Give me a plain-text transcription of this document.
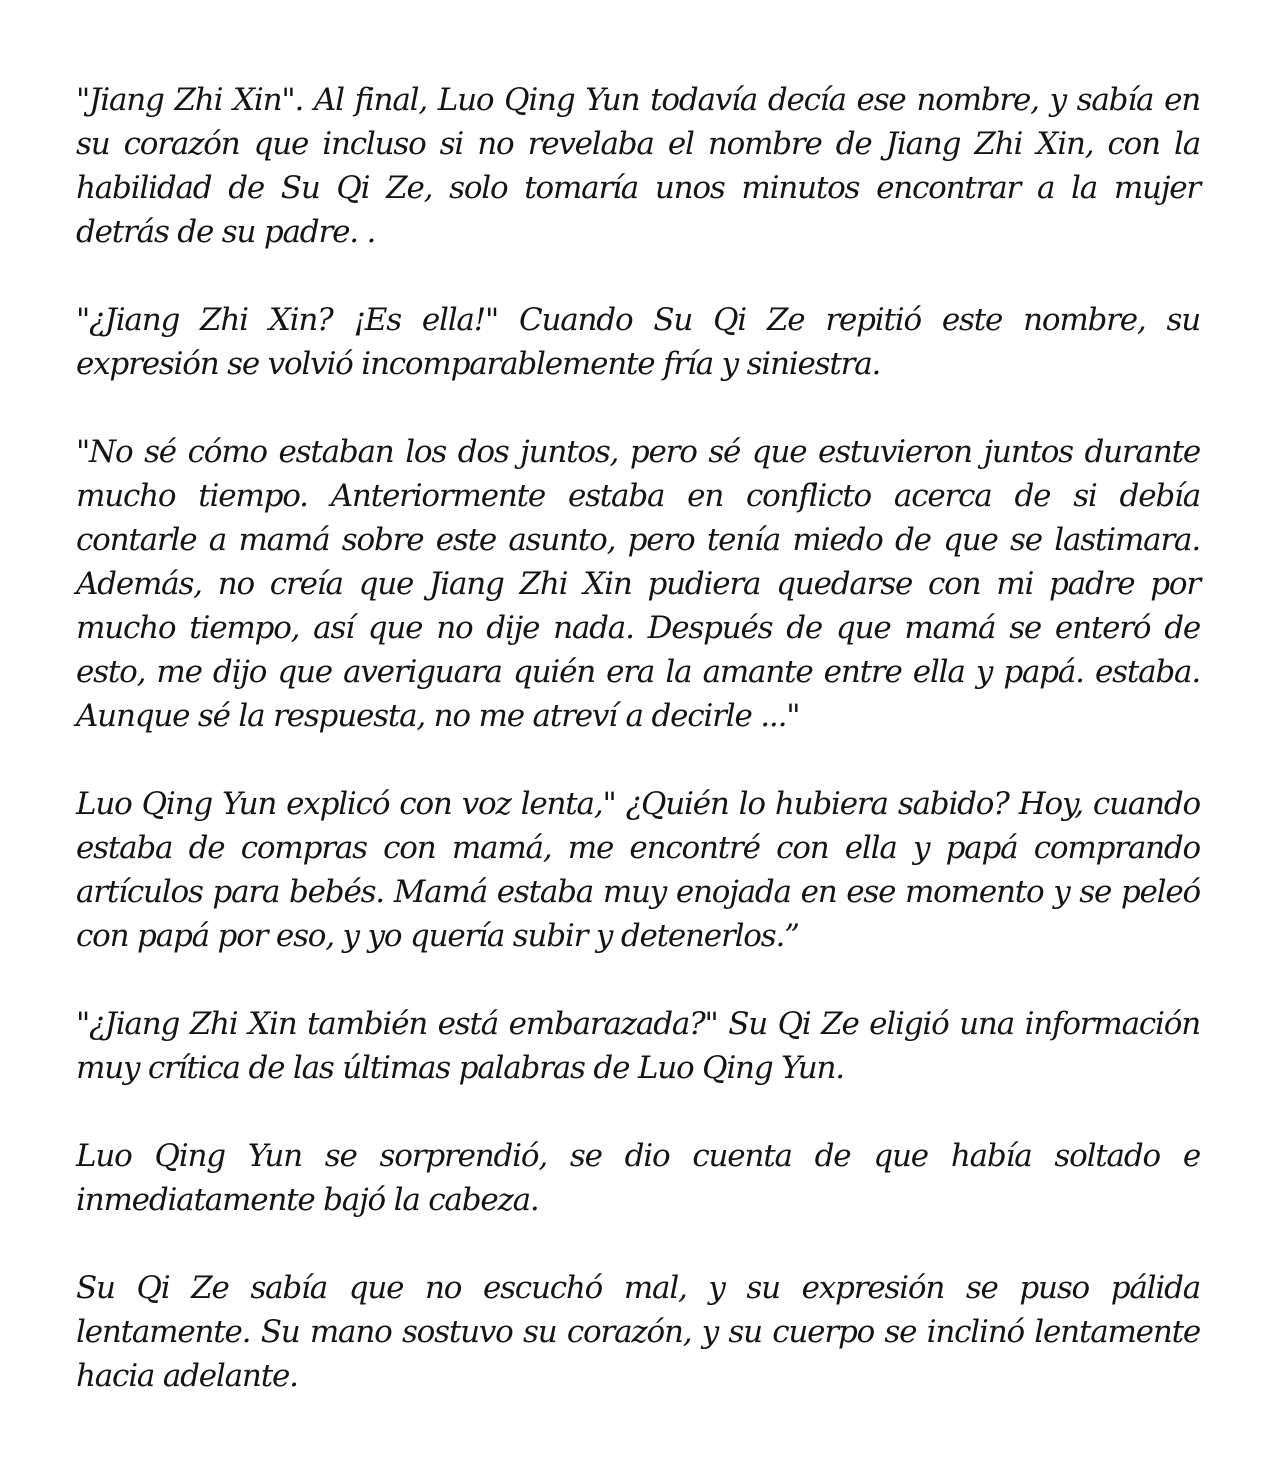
"Jiang Zhi Xin". Al final, Luo Qing Yun todavía decía ese nombre, y sabía en su corazón que incluso si no revelaba el nombre de Jiang Zhi Xin, con la habilidad de Su Qi Ze, solo tomaría unos minutos encontrar a la mujer detrás de su padre. .

"¿Jiang Zhi Xin? ¡Es ella!" Cuando Su Qi Ze repitió este nombre, su expresión se volvió incomparablemente fría y siniestra.

"No sé cómo estaban los dos juntos, pero sé que estuvieron juntos durante mucho tiempo. Anteriormente estaba en conflicto acerca de si debía contarle a mamá sobre este asunto, pero tenía miedo de que se lastimara. Además, no creía que Jiang Zhi Xin pudiera quedarse con mi padre por mucho tiempo, así que no dije nada. Después de que mamá se enteró de esto, me dijo que averiguara quién era la amante entre ella y papá. estaba. Aunque sé la respuesta, no me atreví a decirle ..."

Luo Qing Yun explicó con voz lenta," ¿Quién lo hubiera sabido? Hoy, cuando estaba de compras con mamá, me encontré con ella y papá comprando artículos para bebés. Mamá estaba muy enojada en ese momento y se peleó con papá por eso, y yo quería subir y detenerlos.”

"¿Jiang Zhi Xin también está embarazada?" Su Qi Ze eligió una información muy crítica de las últimas palabras de Luo Qing Yun.

Luo Qing Yun se sorprendió, se dio cuenta de que había soltado e inmediatamente bajó la cabeza.

Su Qi Ze sabía que no escuchó mal, y su expresión se puso pálida lentamente. Su mano sostuvo su corazón, y su cuerpo se inclinó lentamente hacia adelante.
